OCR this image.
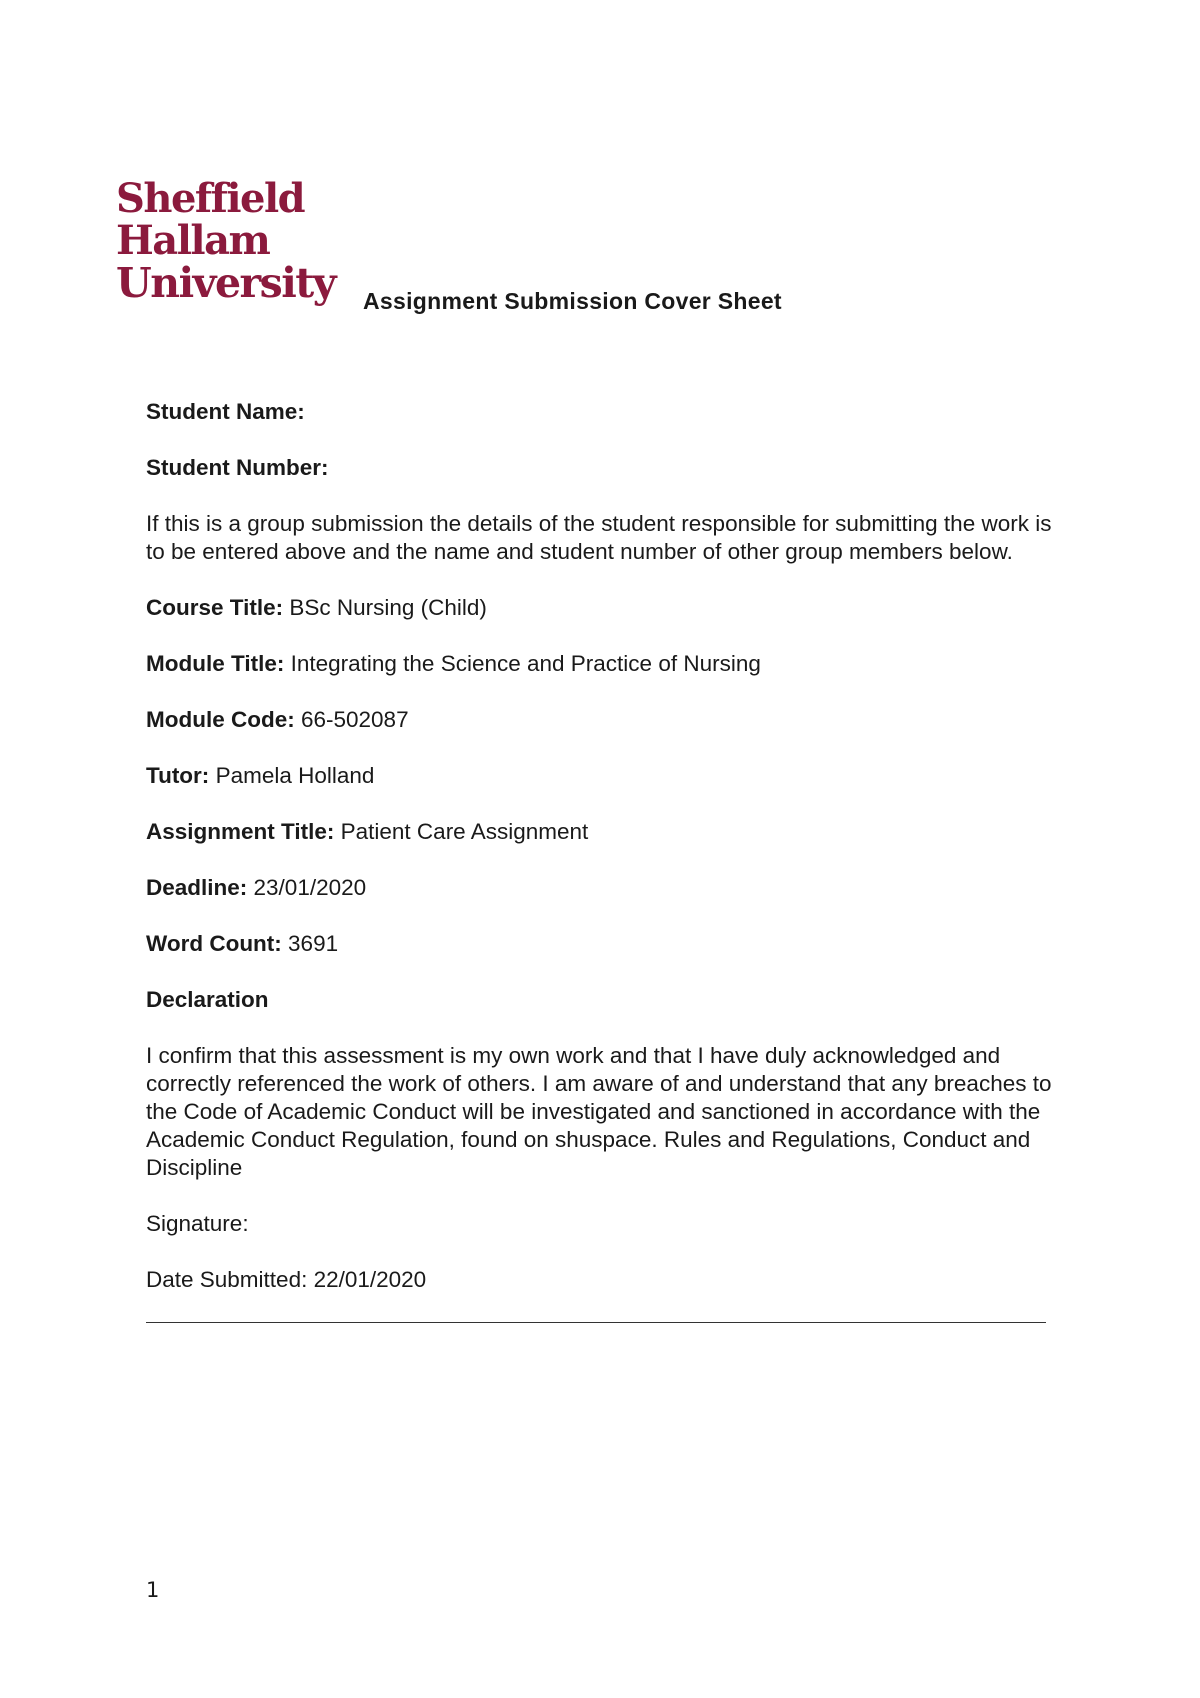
Sheffield
Hallam
University Assignment Submission Cover Sheet
Student Name:
Student Number:
If this is a group submission the details of the student responsible for submitting the work is to be entered above and the name and student number of other group members below.
Course Title: BSc Nursing (Child)
Module Title: Integrating the Science and Practice of Nursing
Module Code: 66-502087
Tutor: Pamela Holland
Assignment Title: Patient Care Assignment
Deadline: 23/01/2020
Word Count: 3691
Declaration
I confirm that this assessment is my own work and that I have duly acknowledged and correctly referenced the work of others. I am aware of and understand that any breaches to the Code of Academic Conduct will be investigated and sanctioned in accordance with the Academic Conduct Regulation, found on shuspace. Rules and Regulations, Conduct and Discipline
Signature:
Date Submitted: 22/01/2020
1
